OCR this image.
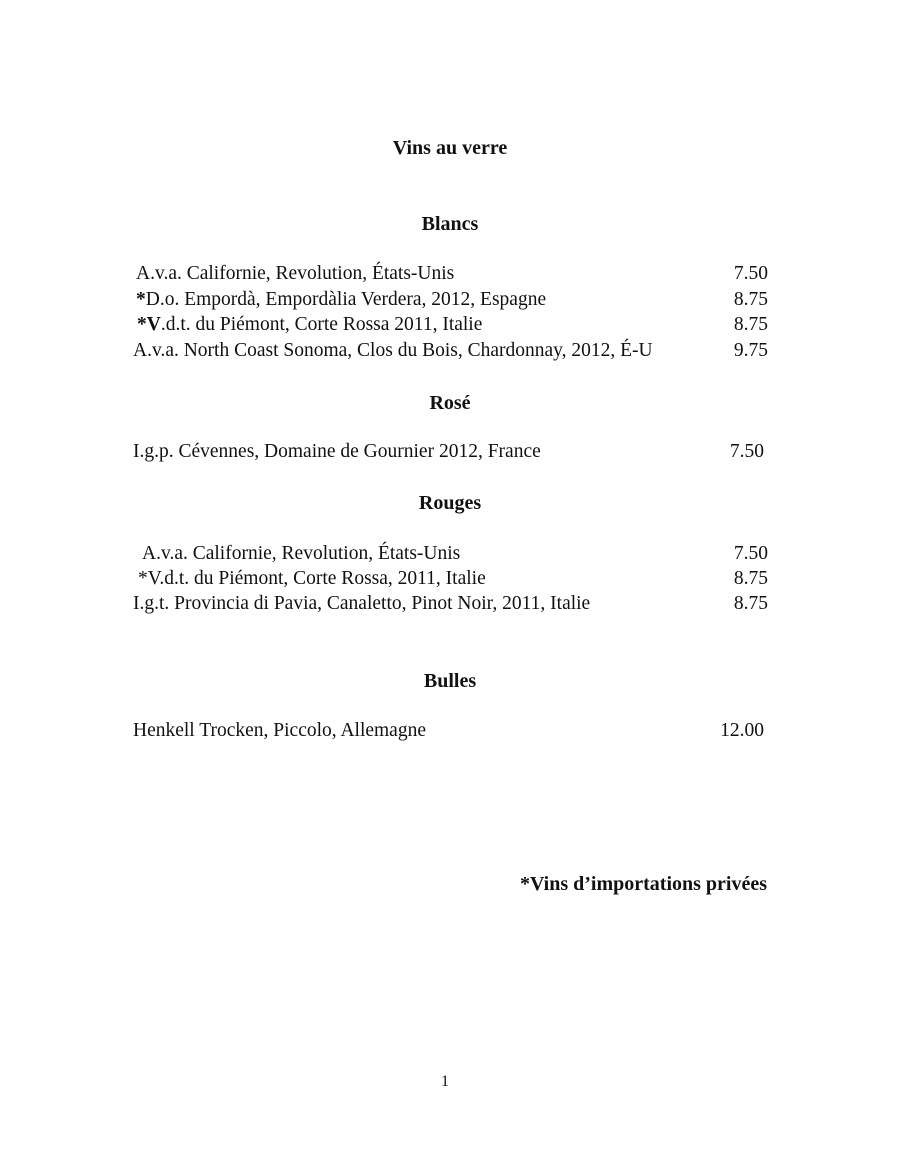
Vins au verre
Blancs
A.v.a. Californie, Revolution, États-Unis	7.50
*D.o. Empordà, Empordàlia Verdera, 2012, Espagne	8.75
*V.d.t. du Piémont, Corte Rossa 2011, Italie	8.75
A.v.a. North Coast Sonoma, Clos du Bois, Chardonnay, 2012, É-U	9.75
Rosé
I.g.p. Cévennes, Domaine de Gournier 2012, France	7.50
Rouges
A.v.a. Californie, Revolution, États-Unis	7.50
*V.d.t. du Piémont, Corte Rossa, 2011, Italie	8.75
I.g.t. Provincia di Pavia, Canaletto, Pinot Noir, 2011, Italie	8.75
Bulles
Henkell Trocken, Piccolo, Allemagne	12.00
*Vins d’importations privées
1
